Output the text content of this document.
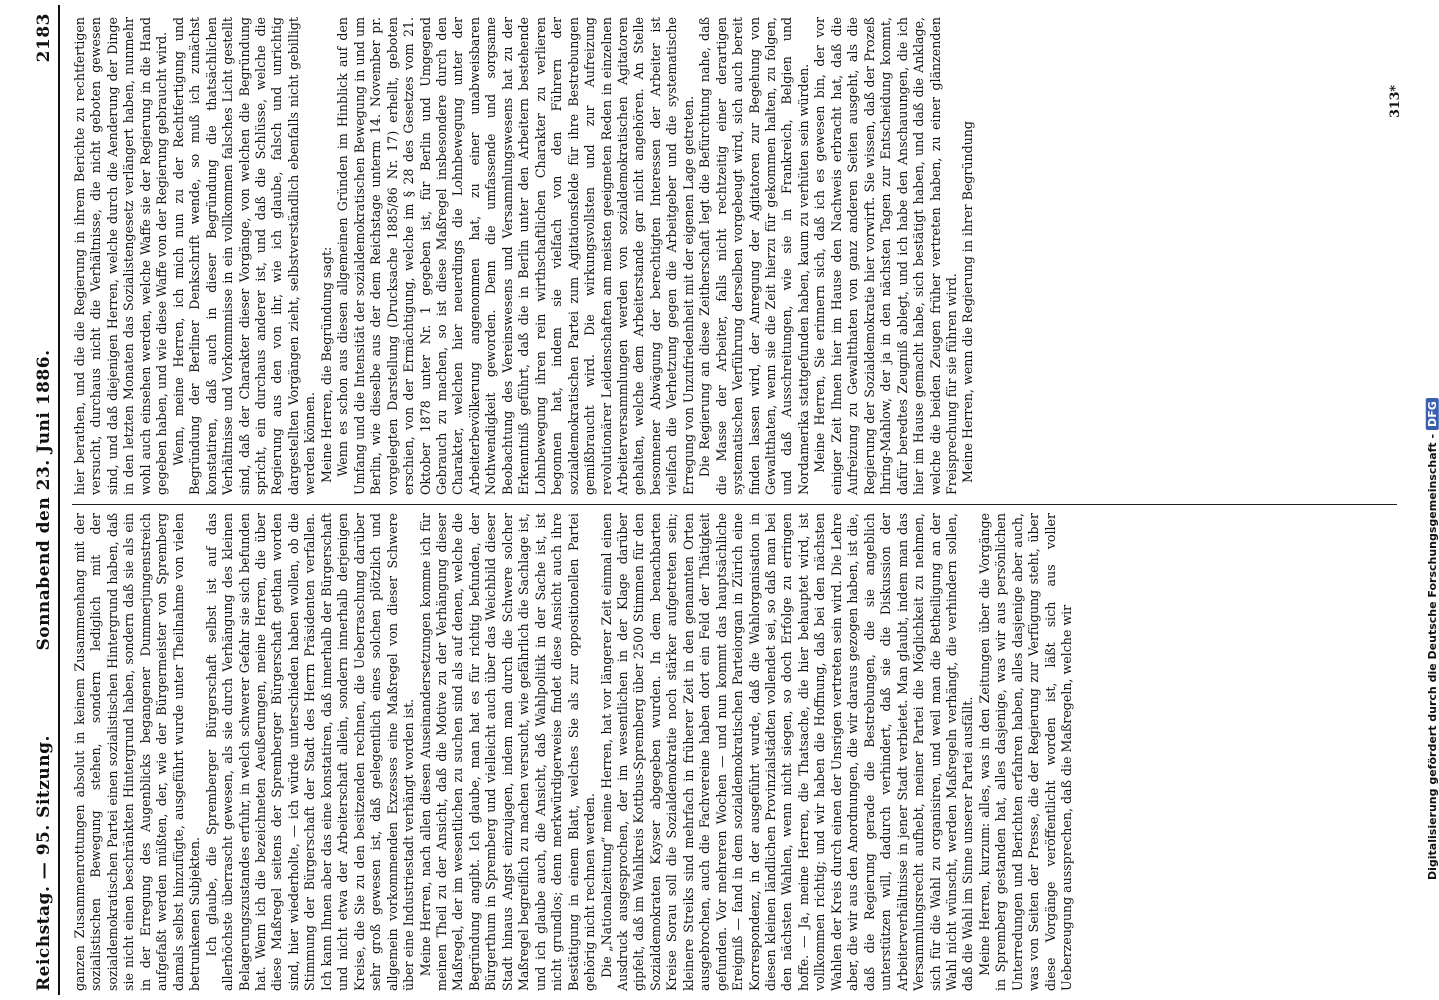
Reichstag. — 95. Sitzung.
Sonnabend den 23. Juni 1886.
2183
ganzen Zusammenrottungen absolut in keinem Zusammenhang mit der sozialistischen Bewegung stehen, sondern lediglich mit der sozialdemokratischen Partei einen sozialistischen Hintergrund haben, daß sie nicht einen beschränkten Hintergrund haben, sondern daß sie als ein in der Erregung des Augenblicks begangener Dummerjungenstreich aufgefaßt werden müßten, der, wie der Bürgermeister von Spremberg damals selbst hinzufügte, ausgeführt wurde unter Theilnahme von vielen betrunkenen Subjekten.
Ich glaube, die Spremberger Bürgerschaft selbst ist auf das allerhöchste überrascht gewesen, als sie durch Verhängung des kleinen Belagerungszustandes erfuhr, in welch schwerer Gefahr sie sich befunden hat. Wenn ich die bezeichneten Aeußerungen, meine Herren, die über diese Maßregel seitens der Spremberger Bürgerschaft gethan worden sind, hier wiederholte, — ich würde unterschieden haben wollen, ob die Stimmung der Bürgerschaft der Stadt des Herrn Präsidenten verfallen. Ich kann Ihnen aber das eine konstatiren, daß innerhalb der Bürgerschaft und nicht etwa der Arbeiterschaft allein, sondern innerhalb derjenigen Kreise, die Sie zu den besitzenden rechnen, die Ueberraschung darüber sehr groß gewesen ist, daß gelegentlich eines solchen plötzlich und allgemein vorkommenden Exzesses eine Maßregel von dieser Schwere über eine Industriestadt verhängt worden ist.
Meine Herren, nach allen diesen Auseinandersetzungen komme ich für meinen Theil zu der Ansicht, daß die Motive zu der Verhängung dieser Maßregel, der im wesentlichen zu suchen sind als auf denen, welche die Begründung angibt. Ich glaube, man hat es für richtig befunden, der Bürgerthum in Spremberg und vielleicht auch über das Weichbild dieser Stadt hinaus Angst einzujagen, indem man durch die Schwere solcher Maßregel begreiflich zu machen versucht, wie gefährlich die Sachlage ist, und ich glaube auch, die Ansicht, daß Wahlpolitik in der Sache ist, ist nicht grundlos; denn merkwürdigerweise findet diese Ansicht auch ihre Bestätigung in einem Blatt, welches Sie als zur oppositionellen Partei gehörig nicht rechnen werden.
Die „Nationalzeitung“ meine Herren, hat vor längerer Zeit einmal einen Ausdruck ausgesprochen, der im wesentlichen in der Klage darüber gipfelt, daß im Wahlkreis Kottbus-Spremberg über 2500 Stimmen für den Sozialdemokraten Kayser abgegeben wurden. In dem benachbarten Kreise Sorau soll die Sozialdemokratie noch stärker aufgetreten sein; kleinere Streiks sind mehrfach in früherer Zeit in den genannten Orten ausgebrochen, auch die Fachvereine haben dort ein Feld der Thätigkeit gefunden. Vor mehreren Wochen — und nun kommt das hauptsächliche Ereigniß — fand in dem sozialdemokratischen Parteiorgan in Zürich eine Korrespondenz, in der ausgeführt wurde, daß die Wahlorganisation in diesen kleinen ländlichen Provinzialstädten vollendet sei, so daß man bei den nächsten Wahlen, wenn nicht siegen, so doch Erfolge zu erringen hoffe. — Ja, meine Herren, die Thatsache, die hier behauptet wird, ist vollkommen richtig; und wir haben die Hoffnung, daß bei den nächsten Wahlen der Kreis durch einen der Unsrigen vertreten sein wird. Die Lehre aber, die wir aus den Anordnungen, die wir daraus gezogen haben, ist die, daß die Regierung gerade die Bestrebungen, die sie angeblich unterstützen will, dadurch verhindert, daß sie die Diskussion der Arbeiterverhältnisse in jener Stadt verbietet. Man glaubt, indem man das Versammlungsrecht aufhebt, meiner Partei die Möglichkeit zu nehmen, sich für die Wahl zu organisiren, und weil man die Betheiligung an der Wahl nicht wünscht, werden Maßregeln verhängt, die verhindern sollen, daß die Wahl im Sinne unserer Partei ausfällt.
Meine Herren, kurzum: alles, was in den Zeitungen über die Vorgänge in Spremberg gestanden hat, alles dasjenige, was wir aus persönlichen Unterredungen und Berichten erfahren haben, alles dasjenige aber auch, was von Seiten der Presse, die der Regierung zur Verfügung steht, über diese Vorgänge veröffentlicht worden ist, läßt sich aus voller Ueberzeugung aussprechen, daß die Maßregeln, welche wir
hier berathen, und die die Regierung in ihrem Berichte zu rechtfertigen versucht, durchaus nicht die Verhältnisse, die nicht geboten gewesen sind, und daß diejenigen Herren, welche durch die Aenderung der Dinge in den letzten Monaten das Sozialistengesetz verlängert haben, nunmehr wohl auch einsehen werden, welche Waffe sie der Regierung in die Hand gegeben haben, und wie diese Waffe von der Regierung gebraucht wird.
Wenn, meine Herren, ich mich nun zu der Rechtfertigung und Begründung der Berliner Denkschrift wende, so muß ich zunächst konstatiren, daß auch in dieser Begründung die thatsächlichen Verhältnisse und Vorkommnisse in ein vollkommen falsches Licht gestellt sind, daß der Charakter dieser Vorgänge, von welchen die Begründung spricht, ein durchaus anderer ist, und daß die Schlüsse, welche die Regierung aus den von ihr, wie ich glaube, falsch und unrichtig dargestellten Vorgängen zieht, selbstverständlich ebenfalls nicht gebilligt werden können.
Meine Herren, die Begründung sagt:
Wenn es schon aus diesen allgemeinen Gründen im Hinblick auf den Umfang und die Intensität der sozialdemokratischen Bewegung in und um Berlin, wie dieselbe aus der dem Reichstage unterm 14. November pr. vorgelegten Darstellung (Drucksache 1885/86 Nr. 17) erhellt, geboten erschien, von der Ermächtigung, welche im § 28 des Gesetzes vom 21. Oktober 1878 unter Nr. 1 gegeben ist, für Berlin und Umgegend Gebrauch zu machen, so ist diese Maßregel insbesondere durch den Charakter, welchen hier neuerdings die Lohnbewegung unter der Arbeiterbevölkerung angenommen hat, zu einer unabweisbaren Nothwendigkeit geworden. Denn die umfassende und sorgsame Beobachtung des Vereinswesens und Versammlungswesens hat zu der Erkenntniß geführt, daß die in Berlin unter den Arbeitern bestehende Lohnbewegung ihren rein wirthschaftlichen Charakter zu verlieren begonnen hat, indem sie vielfach von den Führern der sozialdemokratischen Partei zum Agitationsfelde für ihre Bestrebungen gemißbraucht wird. Die wirkungsvollsten und zur Aufreizung revolutionärer Leidenschaften am meisten geeigneten Reden in einzelnen Arbeiterversammlungen werden von sozialdemokratischen Agitatoren gehalten, welche dem Arbeiterstande gar nicht angehören. An Stelle besonnener Abwägung der berechtigten Interessen der Arbeiter ist vielfach die Verhetzung gegen die Arbeitgeber und die systematische Erregung von Unzufriedenheit mit der eigenen Lage getreten.
Die Regierung an diese Zeitherschaft legt die Befürchtung nahe, daß die Masse der Arbeiter, falls nicht rechtzeitig einer derartigen systematischen Verführung derselben vorgebeugt wird, sich auch bereit finden lassen wird, der Anregung der Agitatoren zur Begehung von Gewaltthaten, wenn sie die Zeit hierzu für gekommen halten, zu folgen, und daß Ausschreitungen, wie sie in Frankreich, Belgien und Nordamerika stattgefunden haben, kaum zu verhüten sein würden.
Meine Herren, Sie erinnern sich, daß ich es gewesen bin, der vor einiger Zeit Ihnen hier im Hause den Nachweis erbracht hat, daß die Aufreizung zu Gewaltthaten von ganz anderen Seiten ausgeht, als die Regierung der Sozialdemokratie hier vorwirft. Sie wissen, daß der Prozeß Ihring-Mahlow, der ja in den nächsten Tagen zur Entscheidung kommt, dafür beredtes Zeugniß ablegt, und ich habe den Anschauungen, die ich hier im Hause gemacht habe, sich bestätigt haben, und daß die Anklage, welche die beiden Zeugen früher vertreten haben, zu einer glänzenden Freisprechung für sie führen wird.
Meine Herren, wenn die Regierung in ihrer Begründung
313*
Digitalisierung gefördert durch die Deutsche Forschungsgemeinschaft -DFG
